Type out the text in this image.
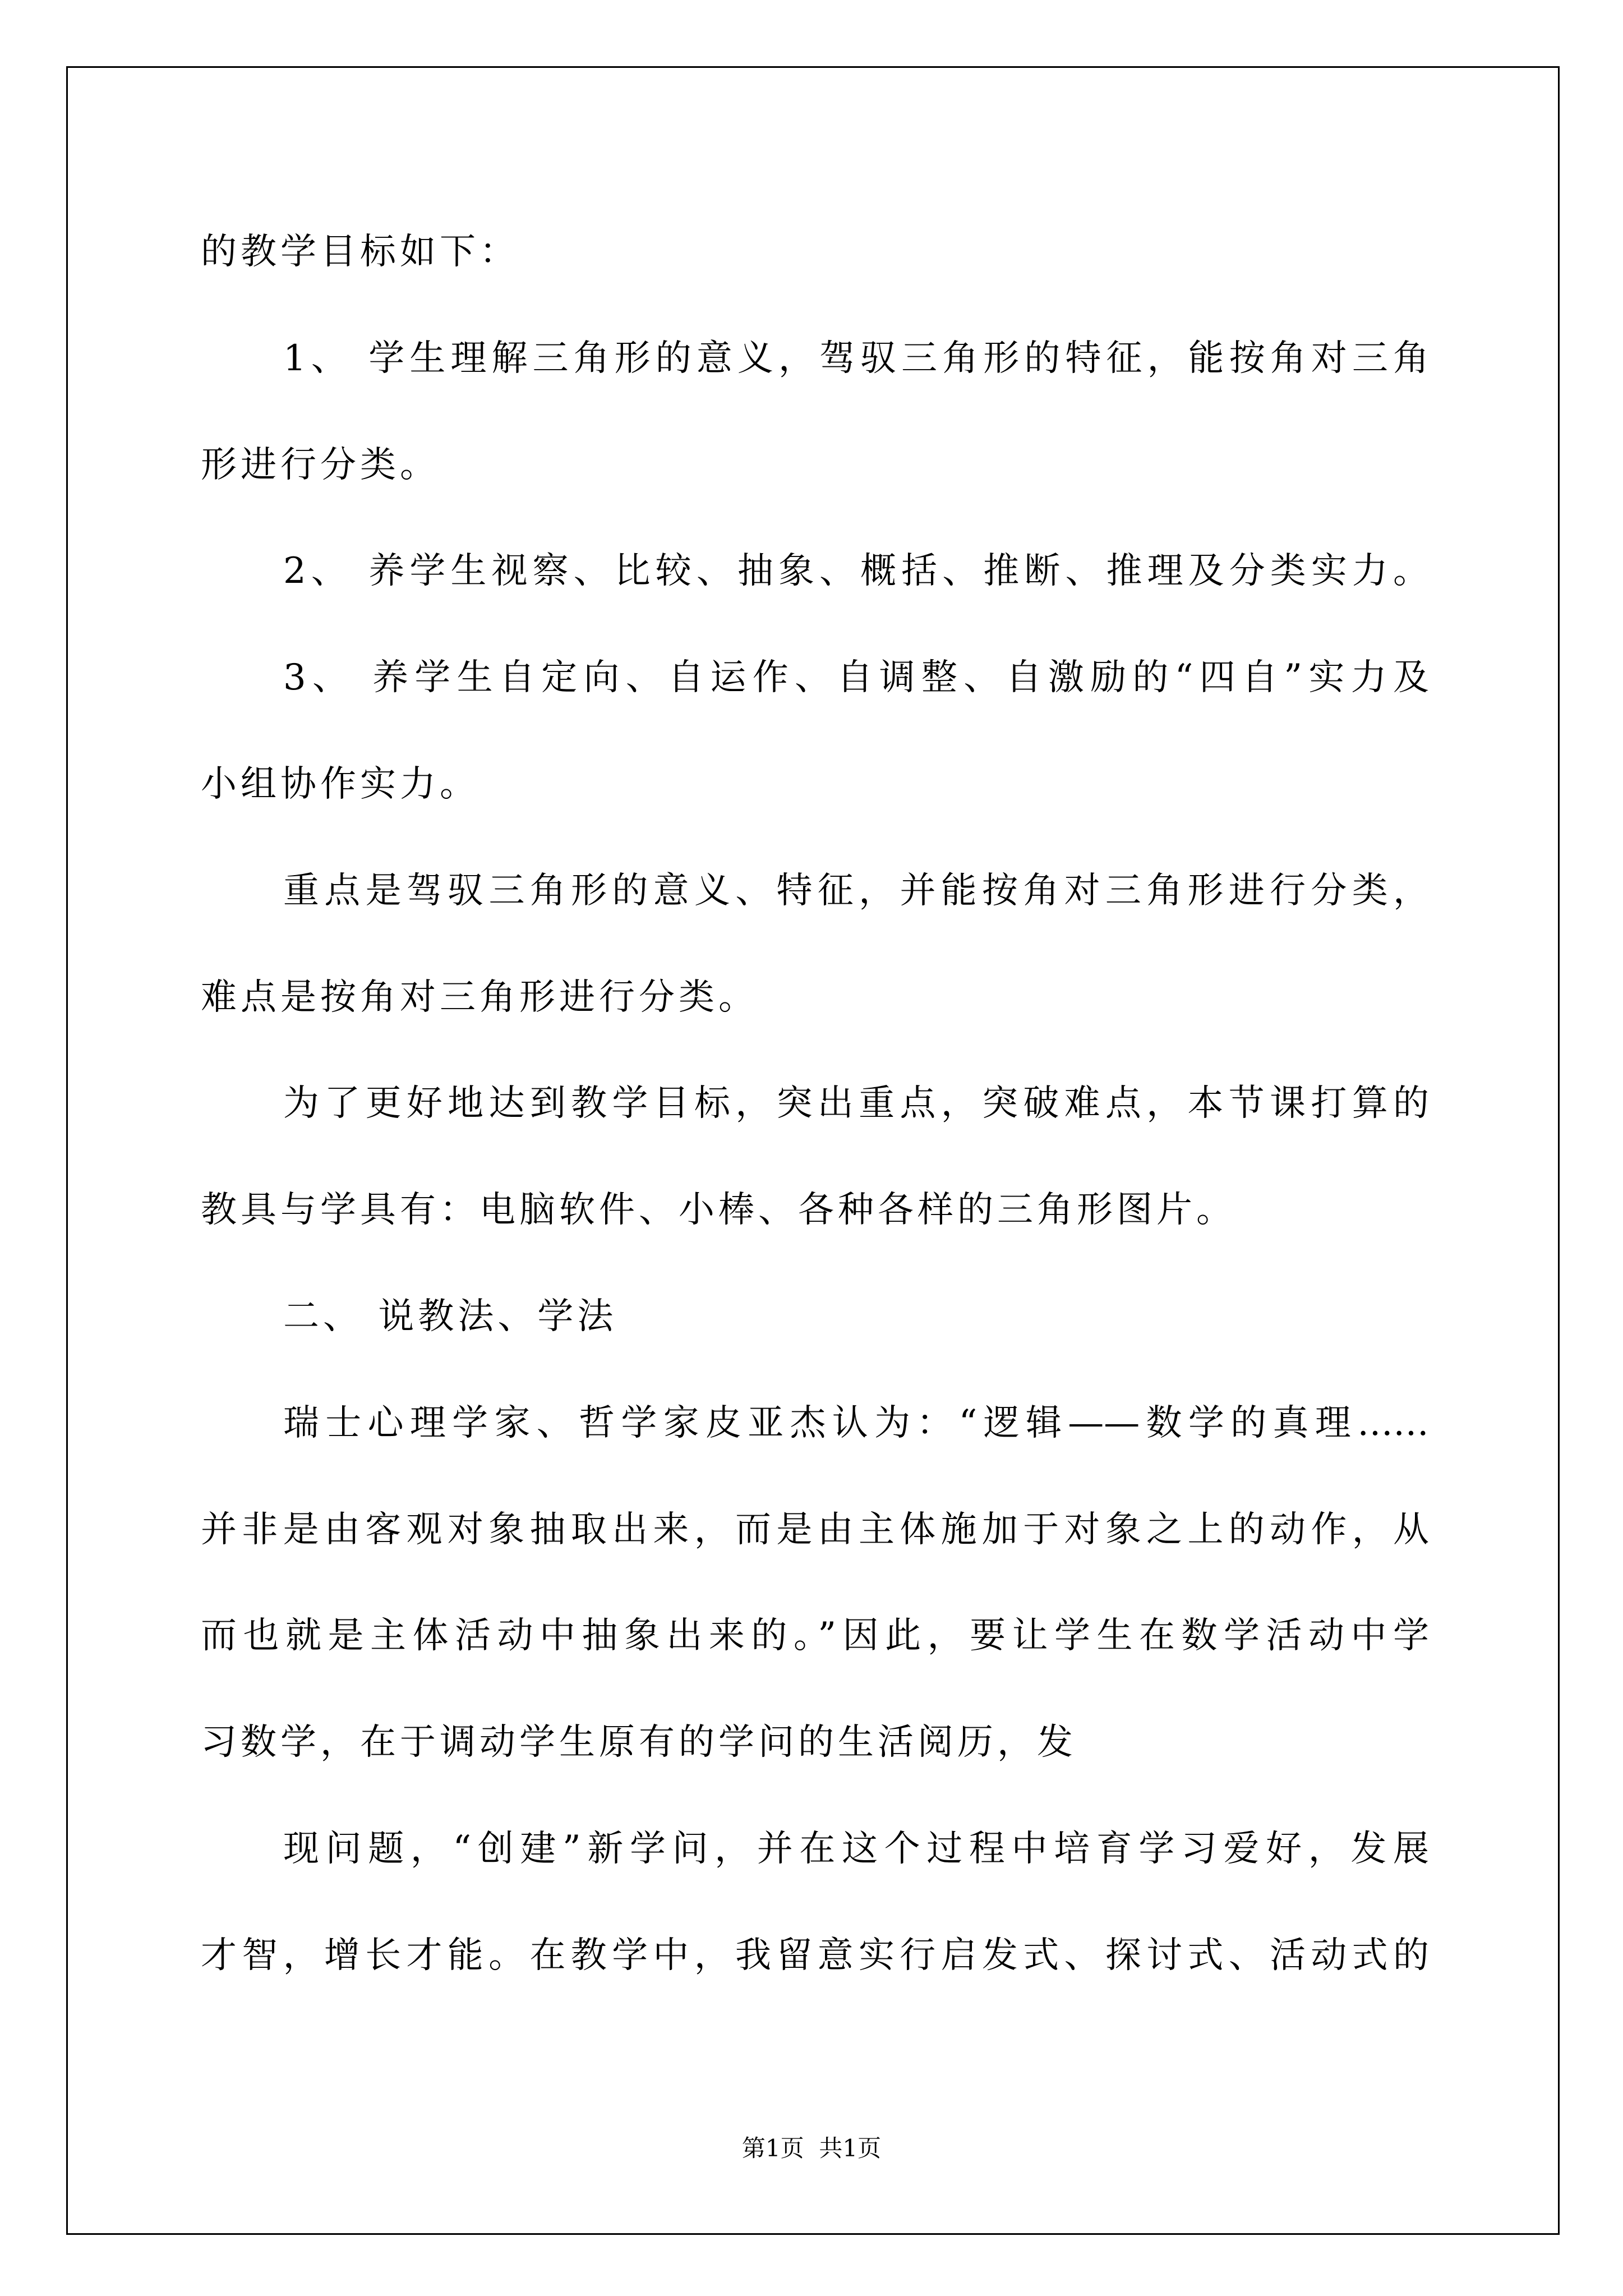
的教学目标如下：
1、 学生理解三角形的意义，驾驭三角形的特征，能按角对三角
形进行分类。
2、 养学生视察、比较、抽象、概括、推断、推理及分类实力。
3、 养学生自定向、自运作、自调整、自激励的“四自”实力及
小组协作实力。
重点是驾驭三角形的意义、特征，并能按角对三角形进行分类，
难点是按角对三角形进行分类。
为了更好地达到教学目标，突出重点，突破难点，本节课打算的
教具与学具有：电脑软件、小棒、各种各样的三角形图片。
二、 说教法、学法
瑞士心理学家、哲学家皮亚杰认为：“逻辑——数学的真理……
并非是由客观对象抽取出来，而是由主体施加于对象之上的动作，从
而也就是主体活动中抽象出来的。”因此，要让学生在数学活动中学
习数学，在于调动学生原有的学问的生活阅历，发
现问题，“创建”新学问，并在这个过程中培育学习爱好，发展
才智，增长才能。在教学中，我留意实行启发式、探讨式、活动式的
第1页  共1页
